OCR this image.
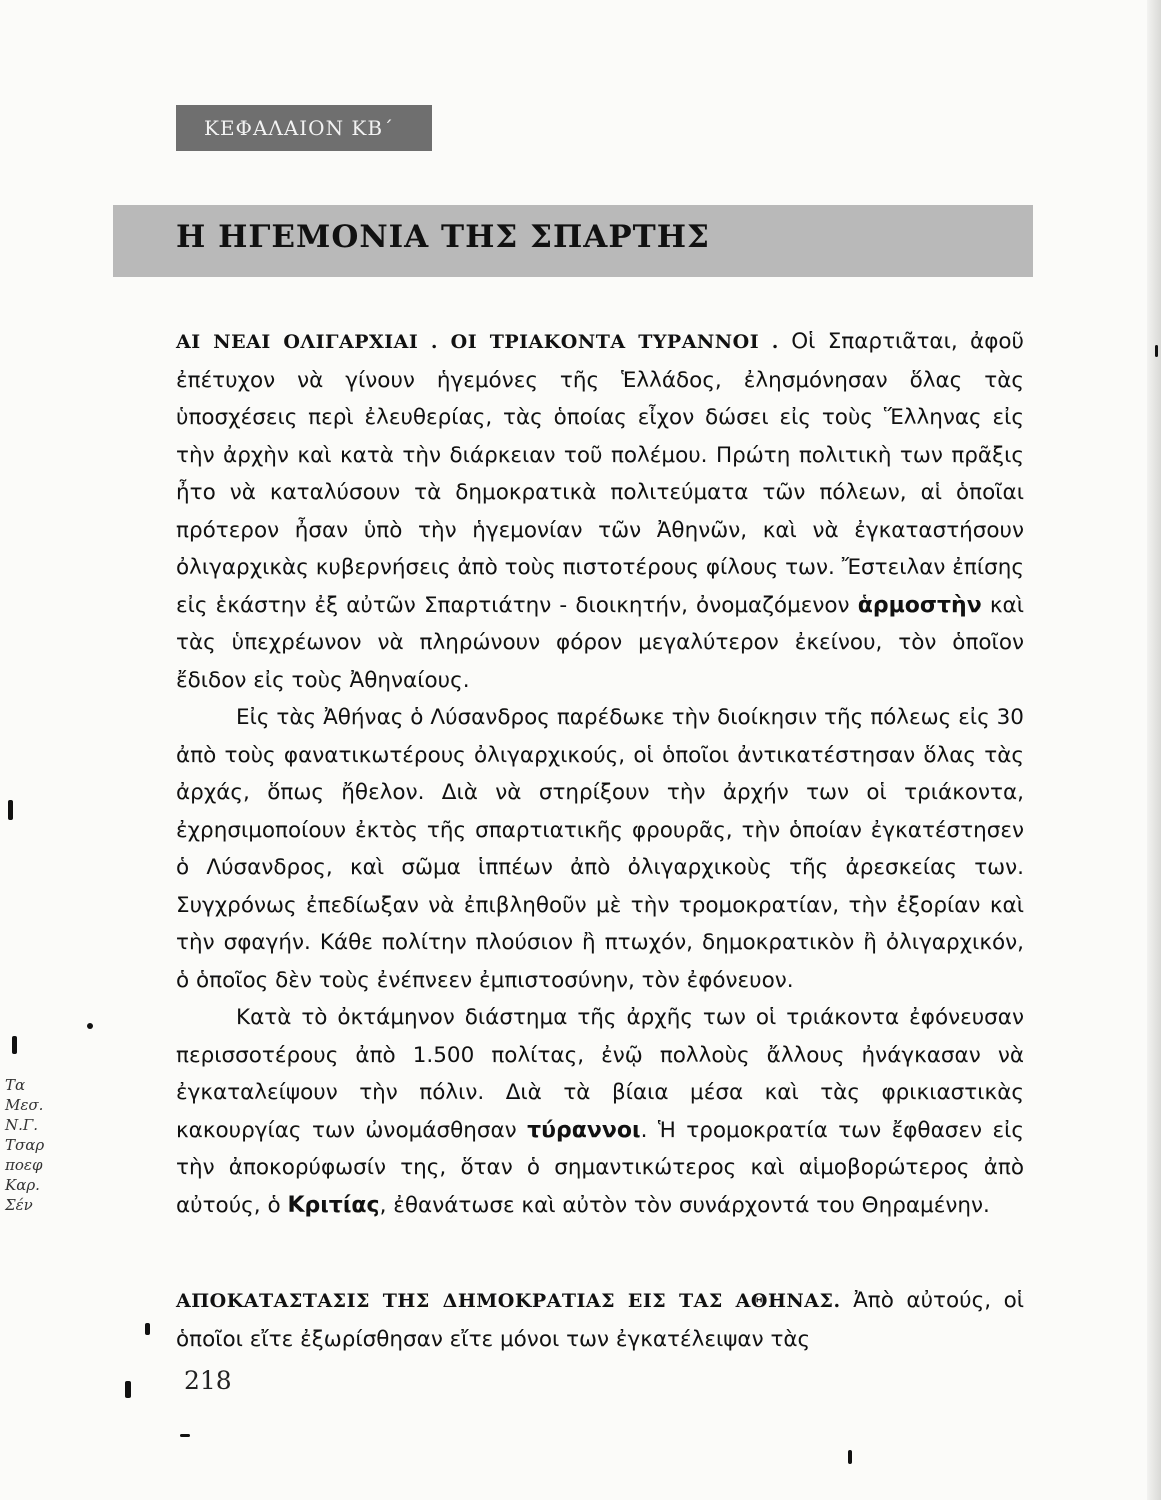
ΚΕΦΑΛΑΙΟΝ ΚΒ΄
Η ΗΓΕΜΟΝΙΑ ΤΗΣ ΣΠΑΡΤΗΣ

ΑΙ ΝΕΑΙ ΟΛΙΓΑΡΧΙΑΙ . ΟΙ ΤΡΙΑΚΟΝΤΑ ΤΥΡΑΝΝΟΙ . Οἱ Σπαρτιᾶται, ἀφοῦ ἐπέτυχον νὰ γίνουν ἡγεμόνες τῆς Ἑλλάδος, ἐλησμόνησαν ὅλας τὰς ὑποσχέσεις περὶ ἐλευθερίας, τὰς ὁποίας εἶχον δώσει εἰς τοὺς Ἕλληνας εἰς τὴν ἀρχὴν καὶ κατὰ τὴν διάρκειαν τοῦ πολέμου. Πρώτη πολιτικὴ των πρᾶξις ἦτο νὰ καταλύσουν τὰ δημοκρατικὰ πολιτεύματα τῶν πόλεων, αἱ ὁποῖαι πρότερον ἦσαν ὑπὸ τὴν ἡγεμονίαν τῶν Ἀθηνῶν, καὶ νὰ ἐγκαταστήσουν ὀλιγαρχικὰς κυβερνήσεις ἀπὸ τοὺς πιστοτέρους φίλους των. Ἔστειλαν ἐπίσης εἰς ἑκάστην ἐξ αὐτῶν Σπαρτιάτην - διοικητήν, ὀνομαζόμενον ἁρμοστὴν καὶ τὰς ὑπεχρέωνον νὰ πληρώνουν φόρον μεγαλύτερον ἐκείνου, τὸν ὁποῖον ἔδιδον εἰς τοὺς Ἀθηναίους.

Εἰς τὰς Ἀθήνας ὁ Λύσανδρος παρέδωκε τὴν διοίκησιν τῆς πόλεως εἰς 30 ἀπὸ τοὺς φανατικωτέρους ὀλιγαρχικούς, οἱ ὁποῖοι ἀντικατέστησαν ὅλας τὰς ἀρχάς, ὅπως ἤθελον. Διὰ νὰ στηρίξουν τὴν ἀρχήν των οἱ τριάκοντα, ἐχρησιμοποίουν ἐκτὸς τῆς σπαρτιατικῆς φρουρᾶς, τὴν ὁποίαν ἐγκατέστησεν ὁ Λύσανδρος, καὶ σῶμα ἱππέων ἀπὸ ὀλιγαρχικοὺς τῆς ἀρεσκείας των. Συγχρόνως ἐπεδίωξαν νὰ ἐπιβληθοῦν μὲ τὴν τρομοκρατίαν, τὴν ἐξορίαν καὶ τὴν σφαγήν. Κάθε πολίτην πλούσιον ἢ πτωχόν, δημοκρατικὸν ἢ ὀλιγαρχικόν, ὁ ὁποῖος δὲν τοὺς ἐνέπνεεν ἐμπιστοσύνην, τὸν ἐφόνευον.

Κατὰ τὸ ὀκτάμηνον διάστημα τῆς ἀρχῆς των οἱ τριάκοντα ἐφόνευσαν περισσοτέρους ἀπὸ 1.500 πολίτας, ἐνῷ πολλοὺς ἄλλους ἠνάγκασαν νὰ ἐγκαταλείψουν τὴν πόλιν. Διὰ τὰ βίαια μέσα καὶ τὰς φρικιαστικὰς κακουργίας των ὠνομάσθησαν τύραννοι. Ἡ τρομοκρατία των ἔφθασεν εἰς τὴν ἀποκορύφωσίν της, ὅταν ὁ σημαντικώτερος καὶ αἱμοβορώτερος ἀπὸ αὐτούς, ὁ Κριτίας, ἐθανάτωσε καὶ αὐτὸν τὸν συνάρχοντά του Θηραμένην.

ΑΠΟΚΑΤΑΣΤΑΣΙΣ ΤΗΣ ΔΗΜΟΚΡΑΤΙΑΣ ΕΙΣ ΤΑΣ ΑΘΗΝΑΣ. Ἀπὸ αὐτούς, οἱ ὁποῖοι εἴτε ἐξωρίσθησαν εἴτε μόνοι των ἐγκατέλειψαν τὰς

218
Τα
Μεσ.
Ν.Γ.
Τσαρ
ποεφ
Καρ.
Σέν
